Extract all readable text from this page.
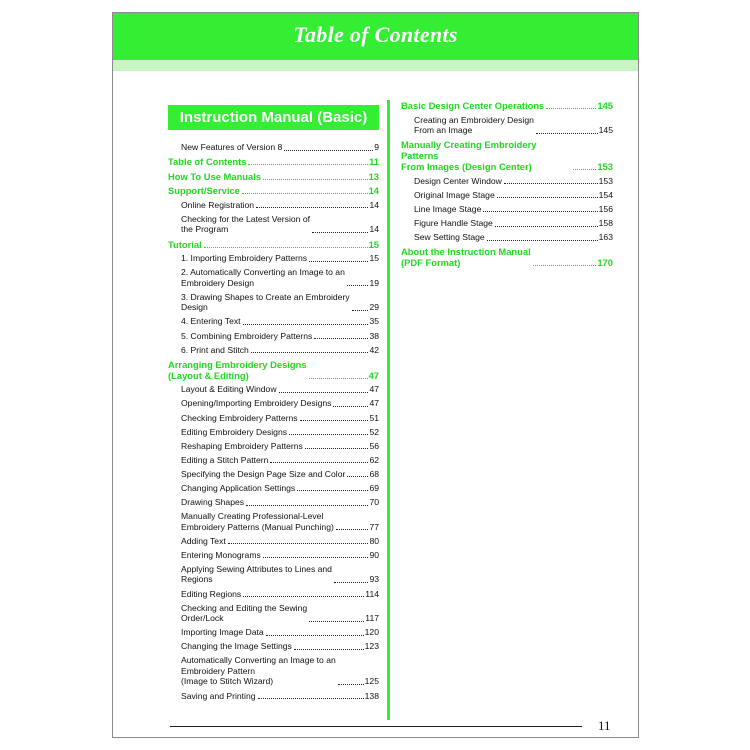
Table of Contents
Instruction Manual (Basic)
New Features of Version 8	9
Table of Contents	11
How To Use Manuals	13
Support/Service	14
Online Registration	14
Checking for the Latest Version of
the Program	14
Tutorial	15
1. Importing Embroidery Patterns	15
2. Automatically Converting an Image to an
Embroidery Design	19
3. Drawing Shapes to Create an Embroidery
Design	29
4. Entering Text	35
5. Combining Embroidery Patterns	38
6. Print and Stitch	42
Arranging Embroidery Designs
(Layout & Editing)	47
Layout & Editing Window	47
Opening/Importing Embroidery Designs	47
Checking Embroidery Patterns	51
Editing Embroidery Designs	52
Reshaping Embroidery Patterns	56
Editing a Stitch Pattern	62
Specifying the Design Page Size and Color	68
Changing Application Settings	69
Drawing Shapes	70
Manually Creating Professional-Level
Embroidery Patterns (Manual Punching)	77
Adding Text	80
Entering Monograms	90
Applying Sewing Attributes to Lines and
Regions	93
Editing Regions	114
Checking and Editing the Sewing
Order/Lock	117
Importing Image Data	120
Changing the Image Settings	123
Automatically Converting an Image to an
Embroidery Pattern
(Image to Stitch Wizard)	125
Saving and Printing	138
Basic Design Center Operations	145
Creating an Embroidery Design
From an Image	145
Manually Creating Embroidery Patterns
From Images (Design Center)	153
Design Center Window	153
Original Image Stage	154
Line Image Stage	156
Figure Handle Stage	158
Sew Setting Stage	163
About the Instruction Manual
(PDF Format)	170
11
